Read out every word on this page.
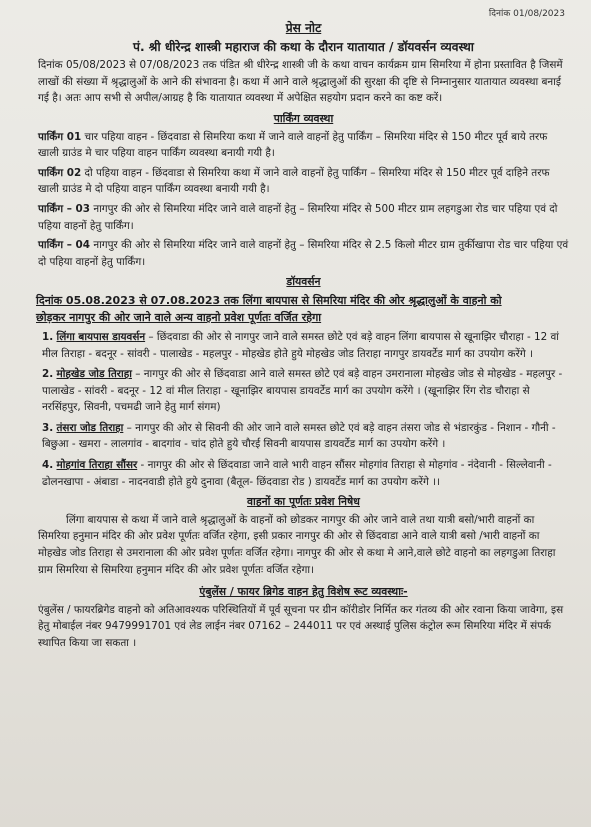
दिनांक 01/08/2023
प्रेस नोट
पं. श्री धीरेन्द्र शास्त्री महाराज की कथा के दौरान यातायात / डॉयवर्सन व्यवस्था

दिनांक 05/08/2023 से 07/08/2023 तक पंडित श्री धीरेन्द्र शास्त्री जी के कथा वाचन कार्यक्रम ग्राम सिमरिया में होना प्रस्तावित है जिसमें लाखों की संख्या में श्रृद्धालुओं के आने की संभावना है। कथा में आने वाले श्रृद्धालुओं की सुरक्षा की दृष्टि से निम्नानुसार यातायात व्यवस्था बनाई गई है। अतः आप सभी से अपील/आग्रह है कि यातायात व्यवस्था में अपेक्षित सहयोग प्रदान करने का कष्ट करें।

पार्किंग व्यवस्था

पार्किंग 01 चार पहिया वाहन - छिंदवाडा से सिमरिया कथा में जाने वाले वाहनों हेतु पार्किंग – सिमरिया मंदिर से 150 मीटर पूर्व बाये तरफ खाली ग्राउंड मे चार पहिया वाहन पार्किंग व्यवस्था बनायी गयी है।

पार्किंग 02 दो पहिया वाहन - छिंदवाडा से सिमरिया कथा में जाने वाले वाहनों हेतु पार्किंग – सिमरिया मंदिर से 150 मीटर पूर्व दाहिने तरफ खाली ग्राउंड मे दो पहिया वाहन पार्किंग व्यवस्था बनायी गयी है।

पार्किंग – 03 नागपुर की ओर से सिमरिया मंदिर जाने वाले वाहनों हेतु – सिमरिया मंदिर से 500 मीटर ग्राम लहगडुआ रोड चार पहिया एवं दो पहिया वाहनों हेतु पार्किंग।

पार्किंग – 04 नागपुर की ओर से सिमरिया मंदिर जाने वाले वाहनों हेतु – सिमरिया मंदिर से 2.5 किलो मीटर ग्राम तुर्कीखापा रोड चार पहिया एवं दो पहिया वाहनों हेतु पार्किंग।

डॉयवर्सन
दिनांक 05.08.2023 से 07.08.2023 तक लिंगा बायपास से सिमरिया मंदिर की ओर श्रृद्धालुओं के वाहनो को
छोड़कर नागपुर की ओर जाने वाले अन्य वाहनो प्रवेश पूर्णतः वर्जित रहेगा
1. लिंगा बायपास डायवर्सन – छिंदवाडा की ओर से नागपुर जाने वाले समस्त छोटे एवं बड़े वाहन लिंगा बायपास से खूनाझिर चौराहा - 12 वां मील तिराहा - बदनूर - सांवरी - पालाखेड - महलपुर - मोहखेड होते हुये मोहखेड जोड तिराहा नागपुर डायवर्टेड मार्ग का उपयोग करेंगे ।
2. मोहखेड जोड तिराहा – नागपुर की ओर से छिंदवाडा आने वाले समस्त छोटे एवं बड़े वाहन उमरानाला मोहखेड जोड से मोहखेड - महलपुर - पालाखेड - सांवरी - बदनूर - 12 वां मील तिराहा - खूनाझिर बायपास डायवर्टेड मार्ग का उपयोग करेंगे । (खूनाझिर रिंग रोड चौराहा से नरसिंहपुर, सिवनी, पचमढी जाने हेतु मार्ग संगम)
3. तंसरा जोड तिराहा – नागपुर की ओर से सिवनी की ओर जाने वाले समस्त छोटे एवं बड़े वाहन तंसरा जोड से भंडारकुंड - निशान - गौनी - बिछुआ - खमरा - लालगांव - बादगांव - चांद होते हुये चौरई सिवनी बायपास डायवर्टेड मार्ग का उपयोग करेंगे ।
4. मोहगांव तिराहा सौंसर - नागपुर की ओर से छिंदवाडा जाने वाले भारी वाहन सौंसर मोहगांव तिराहा से मोहगांव - नंदेवानी - सिल्लेवानी - ढोलनखापा - अंबाडा - नादनवाडी होते हुये दुनावा (बैतूल- छिंदवाडा रोड ) डायवर्टेड मार्ग का उपयोग करेंगे ।।
वाहनों का पूर्णतः प्रवेश निषेध

लिंगा बायपास से कथा में जाने वाले श्रृद्धालुओं के वाहनों को छोडकर नागपुर की ओर जाने वाले तथा यात्री बसो/भारी वाहनों का सिमरिया हनुमान मंदिर की ओर प्रवेश पूर्णतः वर्जित रहेगा, इसी प्रकार नागपुर की ओर से छिंदवाडा आने वाले यात्री बसो /भारी वाहनों का मोहखेड जोड तिराहा से उमरानाला की ओर प्रवेश पूर्णतः वर्जित रहेगा। नागपुर की ओर से कथा मे आने,वाले छोटे वाहनो का लहगडुआ तिराहा ग्राम सिमरिया से सिमरिया हनुमान मंदिर की ओर प्रवेश पूर्णतः वर्जित रहेगा।

एंबुलेंस / फायर ब्रिगेड वाहन हेतु विशेष रूट व्यवस्थाः-

एंबुलेंस / फायरब्रिगेड वाहनो को अतिआवश्यक परिस्थितियों में पूर्व सूचना पर ग्रीन कॉरीडोर निर्मित कर गंतव्य की ओर रवाना किया जावेगा, इस हेतु मोबाईल नंबर 9479991701 एवं लेड लाईन नंबर 07162 – 244011 पर एवं अस्थाई पुलिस कंट्रोल रूम सिमरिया मंदिर में संपर्क स्थापित किया जा सकता ।
